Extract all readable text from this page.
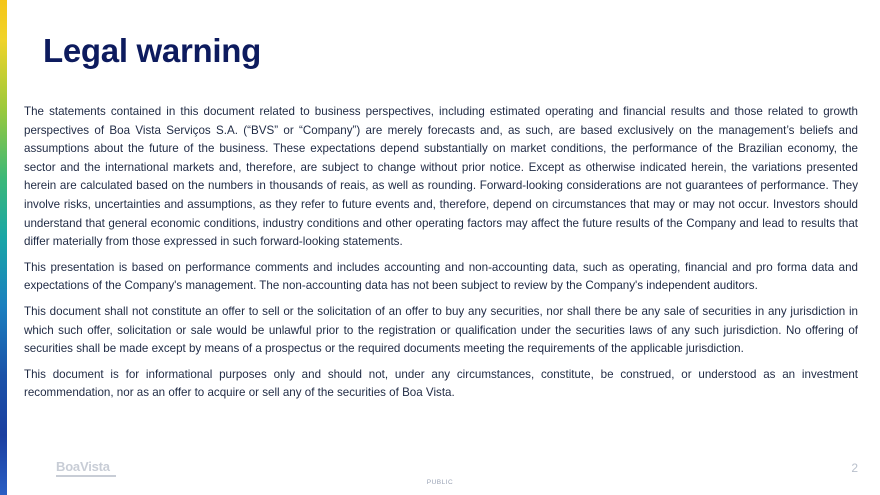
Legal warning

The statements contained in this document related to business perspectives, including estimated operating and financial results and those related to growth perspectives of Boa Vista Serviços S.A. (“BVS” or “Company”) are merely forecasts and, as such, are based exclusively on the management’s beliefs and assumptions about the future of the business. These expectations depend substantially on market conditions, the performance of the Brazilian economy, the sector and the international markets and, therefore, are subject to change without prior notice. Except as otherwise indicated herein, the variations presented herein are calculated based on the numbers in thousands of reais, as well as rounding. Forward-looking considerations are not guarantees of performance. They involve risks, uncertainties and assumptions, as they refer to future events and, therefore, depend on circumstances that may or may not occur. Investors should understand that general economic conditions, industry conditions and other operating factors may affect the future results of the Company and lead to results that differ materially from those expressed in such forward-looking statements.

This presentation is based on performance comments and includes accounting and non-accounting data, such as operating, financial and pro forma data and expectations of the Company's management. The non-accounting data has not been subject to review by the Company's independent auditors.

This document shall not constitute an offer to sell or the solicitation of an offer to buy any securities, nor shall there be any sale of securities in any jurisdiction in which such offer, solicitation or sale would be unlawful prior to the registration or qualification under the securities laws of any such jurisdiction. No offering of securities shall be made except by means of a prospectus or the required documents meeting the requirements of the applicable jurisdiction.

This document is for informational purposes only and should not, under any circumstances, constitute, be construed, or understood as an investment recommendation, nor as an offer to acquire or sell any of the securities of Boa Vista.

BoaVista
PUBLIC
2
